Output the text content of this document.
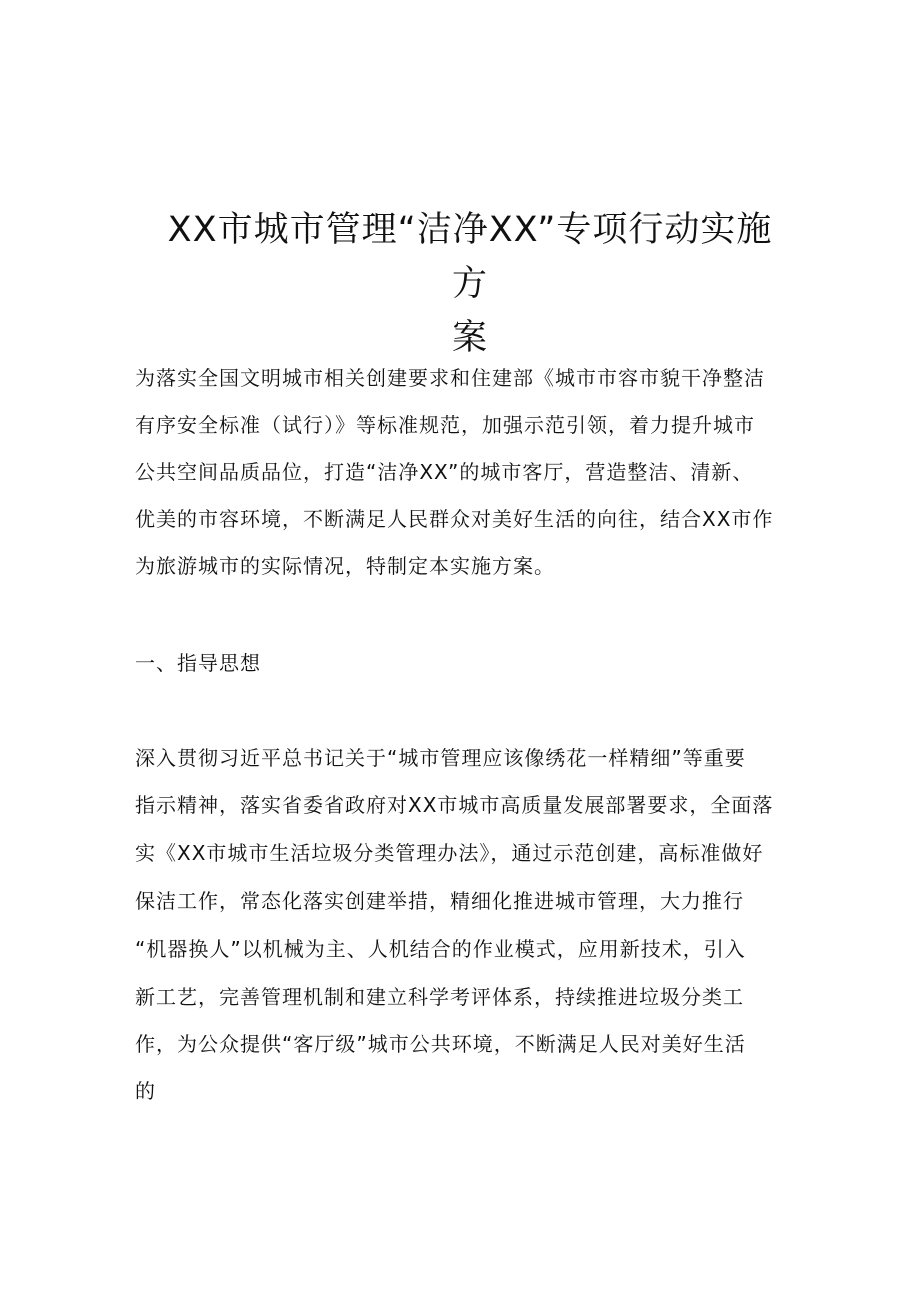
XX市城市管理“洁净XX”专项行动实施方
案

为落实全国文明城市相关创建要求和住建部《城市市容市貌干净整洁

有序安全标准（试行）》等标准规范，加强示范引领，着力提升城市

公共空间品质品位，打造“洁净XX”的城市客厅，营造整洁、清新、

优美的市容环境，不断满足人民群众对美好生活的向往，结合XX市作

为旅游城市的实际情况，特制定本实施方案。

一、指导思想

深入贯彻习近平总书记关于“城市管理应该像绣花一样精细”等重要

指示精神，落实省委省政府对XX市城市高质量发展部署要求，全面落

实《XX市城市生活垃圾分类管理办法》，通过示范创建，高标准做好

保洁工作，常态化落实创建举措，精细化推进城市管理，大力推行

“机器换人”以机械为主、人机结合的作业模式，应用新技术，引入

新工艺，完善管理机制和建立科学考评体系，持续推进垃圾分类工

作，为公众提供“客厅级”城市公共环境，不断满足人民对美好生活

的
